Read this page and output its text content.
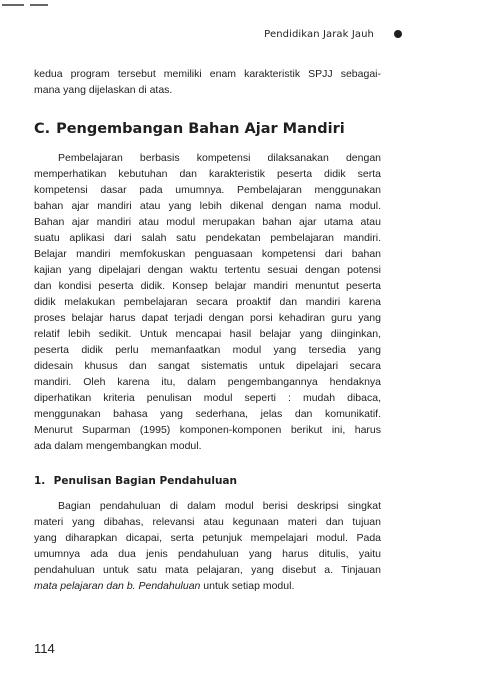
Pendidikan Jarak Jauh

kedua program tersebut memiliki enam karakteristik SPJJ sebagai-

mana yang dijelaskan di atas.

C. Pengembangan Bahan Ajar Mandiri

Pembelajaran berbasis kompetensi dilaksanakan dengan

memperhatikan kebutuhan dan karakteristik peserta didik serta

kompetensi dasar pada umumnya. Pembelajaran menggunakan

bahan ajar mandiri atau yang lebih dikenal dengan nama modul.

Bahan ajar mandiri atau modul merupakan bahan ajar utama atau

suatu aplikasi dari salah satu pendekatan pembelajaran mandiri.

Belajar mandiri memfokuskan penguasaan kompetensi dari bahan

kajian yang dipelajari dengan waktu tertentu sesuai dengan potensi

dan kondisi peserta didik. Konsep belajar mandiri menuntut peserta

didik melakukan pembelajaran secara proaktif dan mandiri karena

proses belajar harus dapat terjadi dengan porsi kehadiran guru yang

relatif lebih sedikit. Untuk mencapai hasil belajar yang diinginkan,

peserta didik perlu memanfaatkan modul yang tersedia yang

didesain khusus dan sangat sistematis untuk dipelajari secara

mandiri. Oleh karena itu, dalam pengembangannya hendaknya

diperhatikan kriteria penulisan modul seperti : mudah dibaca,

menggunakan bahasa yang sederhana, jelas dan komunikatif.

Menurut Suparman (1995) komponen-komponen berikut ini, harus

ada dalam mengembangkan modul.

1. Penulisan Bagian Pendahuluan

Bagian pendahuluan di dalam modul berisi deskripsi singkat

materi yang dibahas, relevansi atau kegunaan materi dan tujuan

yang diharapkan dicapai, serta petunjuk mempelajari modul. Pada

umumnya ada dua jenis pendahuluan yang harus ditulis, yaitu

pendahuluan untuk satu mata pelajaran, yang disebut a. Tinjauan

mata pelajaran dan b. Pendahuluan untuk setiap modul.

114
